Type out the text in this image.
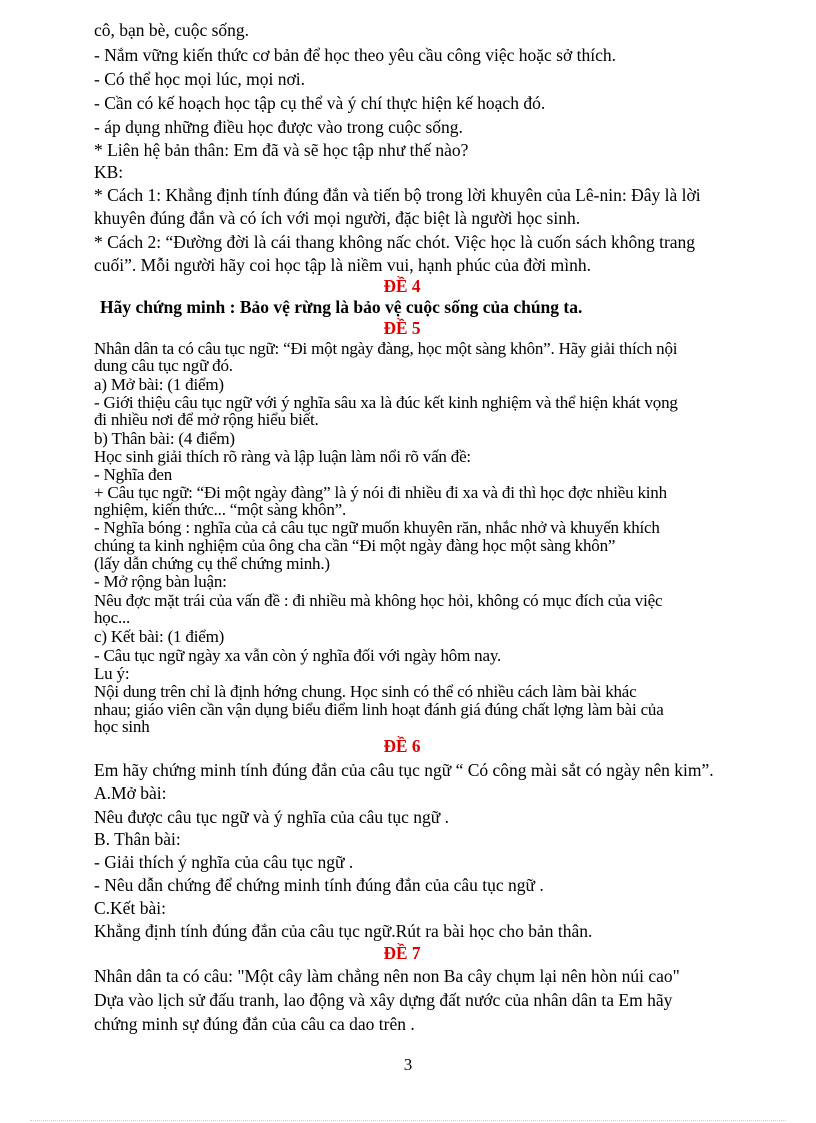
cô, bạn bè, cuộc sống.
- Nắm vững kiến thức cơ bản để học theo yêu cầu công việc hoặc sở thích.
- Có thể học mọi lúc, mọi nơi.
- Cần có kế hoạch học tập cụ thể và ý chí thực hiện kế hoạch đó.
- áp dụng những điều học được vào trong cuộc sống.
* Liên hệ bản thân: Em đã và sẽ học tập như thế nào?
KB:
* Cách 1: Khẳng định tính đúng đắn và tiến bộ trong lời khuyên của Lê-nin: Đây là lời
khuyên đúng đắn và có ích với mọi người, đặc biệt là người học sinh.
* Cách 2: “Đường đời là cái thang không nấc chót. Việc học là cuốn sách không trang
cuối”. Mỗi người hãy coi học tập là niềm vui, hạnh phúc của đời mình.
ĐỀ 4
Hãy chứng minh : Bảo vệ rừng là bảo vệ cuộc sống của chúng ta.
ĐỀ 5
Nhân dân ta có câu tục ngữ: “Đi một ngày đàng, học một sàng khôn”. Hãy giải thích nội
dung câu tục ngữ đó.
a) Mở bài: (1 điểm)
- Giới thiệu câu tục ngữ với ý nghĩa sâu xa là đúc kết kinh nghiệm và thể hiện khát vọng
đi nhiều nơi để mở rộng hiểu biết.
b) Thân bài: (4 điểm)
Học sinh giải thích rõ ràng và lập luận làm nổi rõ vấn đề:
- Nghĩa đen
+ Câu tục ngữ: “Đi một ngày đàng” là ý nói đi nhiều đi xa và đi thì học đợc nhiều kinh
nghiệm, kiến thức... “một sàng khôn”.
- Nghĩa bóng : nghĩa của cả câu tục ngữ muốn khuyên răn, nhắc nhở và khuyến khích
chúng ta kinh nghiệm của ông cha cần “Đi một ngày đàng học một sàng khôn”
(lấy dẫn chứng cụ thể chứng minh.)
- Mở rộng bàn luận:
Nêu đợc mặt trái của vấn đề : đi nhiều mà không học hỏi, không có mục đích của việc
học...
c) Kết bài: (1 điểm)
- Câu tục ngữ ngày xa vẫn còn ý nghĩa đối với ngày hôm nay.
Lu ý:
Nội dung trên chỉ là định hớng chung. Học sinh có thể có nhiều cách làm bài khác
nhau; giáo viên cần vận dụng biểu điểm linh hoạt đánh giá đúng chất lợng làm bài của
học sinh
ĐỀ 6
Em hãy chứng minh tính đúng đắn của câu tục ngữ “ Có công mài sắt có ngày nên kim”.
A.Mở bài:
Nêu được câu tục ngữ và ý nghĩa của câu tục ngữ .
B. Thân bài:
- Giải thích ý nghĩa của câu tục ngữ .
- Nêu dẫn chứng để chứng minh tính đúng đắn của câu tục ngữ .
C.Kết bài:
Khẳng định tính đúng đắn của câu tục ngữ.Rút ra bài học cho bản thân.
ĐỀ 7
Nhân dân ta có câu: "Một cây làm chẳng nên non Ba cây chụm lại nên hòn núi cao"
Dựa vào lịch sử đấu tranh, lao động và xây dựng đất nước của nhân dân ta Em hãy
chứng minh sự đúng đắn của câu ca dao trên .
3
